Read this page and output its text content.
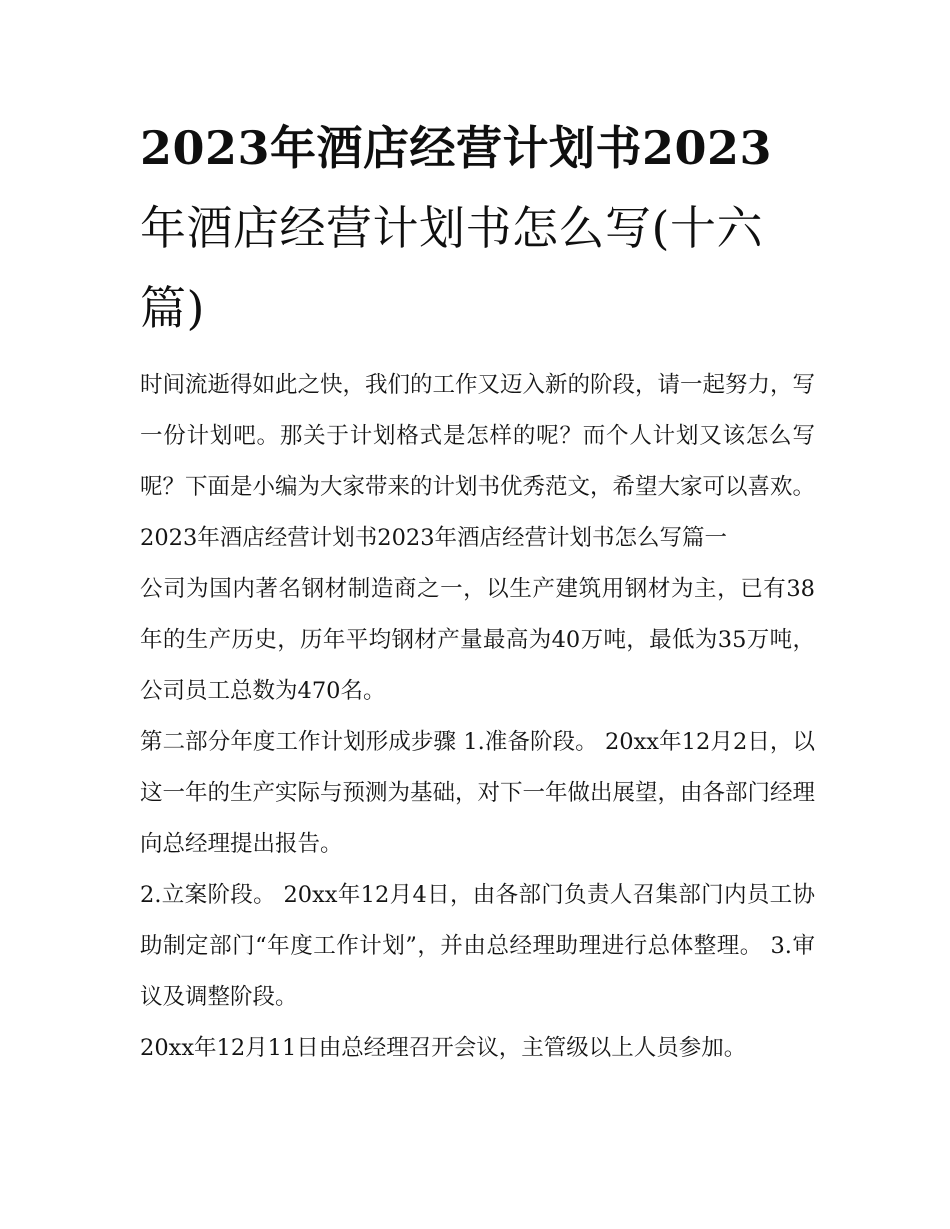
2023年酒店经营计划书2023年酒店经营计划书怎么写(十六篇)

时间流逝得如此之快，我们的工作又迈入新的阶段，请一起努力，写一份计划吧。那关于计划格式是怎样的呢？而个人计划又该怎么写呢？下面是小编为大家带来的计划书优秀范文，希望大家可以喜欢。

2023年酒店经营计划书2023年酒店经营计划书怎么写篇一

公司为国内著名钢材制造商之一，以生产建筑用钢材为主，已有38年的生产历史，历年平均钢材产量最高为40万吨，最低为35万吨，公司员工总数为470名。

第二部分年度工作计划形成步骤 1.准备阶段。 20xx年12月2日，以这一年的生产实际与预测为基础，对下一年做出展望，由各部门经理向总经理提出报告。

2.立案阶段。 20xx年12月4日，由各部门负责人召集部门内员工协助制定部门“年度工作计划”，并由总经理助理进行总体整理。 3.审议及调整阶段。

20xx年12月11日由总经理召开会议，主管级以上人员参加。
